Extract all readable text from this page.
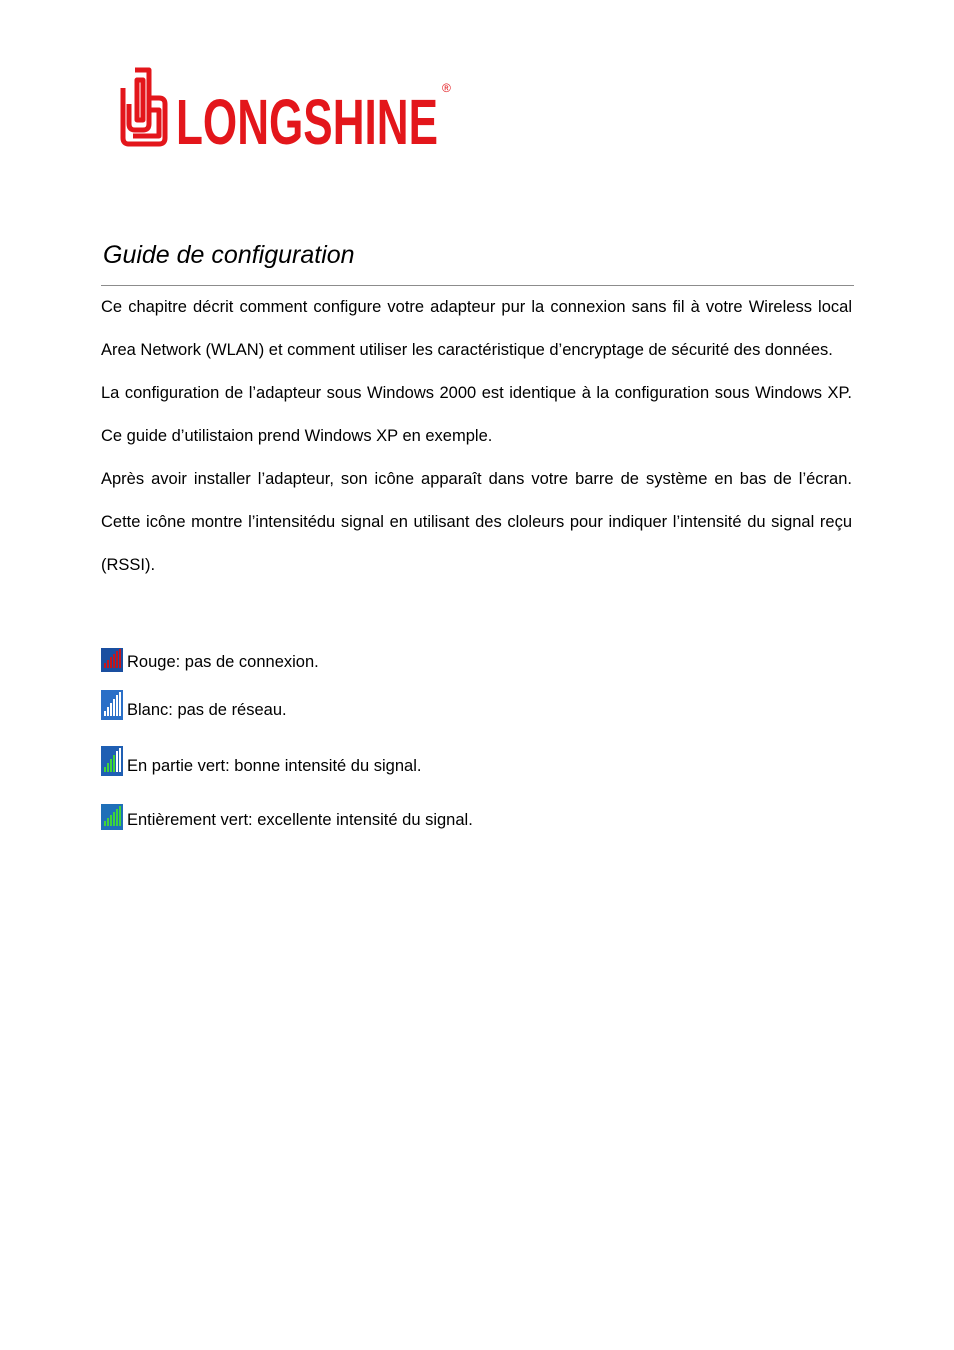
LONGSHINE ®
Guide de configuration

Ce chapitre décrit comment configure votre adapteur pur la connexion sans fil à votre Wireless local Area Network (WLAN) et comment utiliser les caractéristique d’encryptage de sécurité des données.

La configuration de l’adapteur sous Windows 2000 est identique à la configuration sous Windows XP. Ce guide d’utilistaion prend Windows XP en exemple.

Après avoir installer l’adapteur, son icône apparaît dans votre barre de système en bas de l’écran. Cette icône montre l’intensitédu signal en utilisant des cloleurs pour indiquer l’intensité du signal reçu (RSSI).

Rouge: pas de connexion.
Blanc: pas de réseau.
En partie vert: bonne intensité du signal.
Entièrement vert: excellente intensité du signal.
